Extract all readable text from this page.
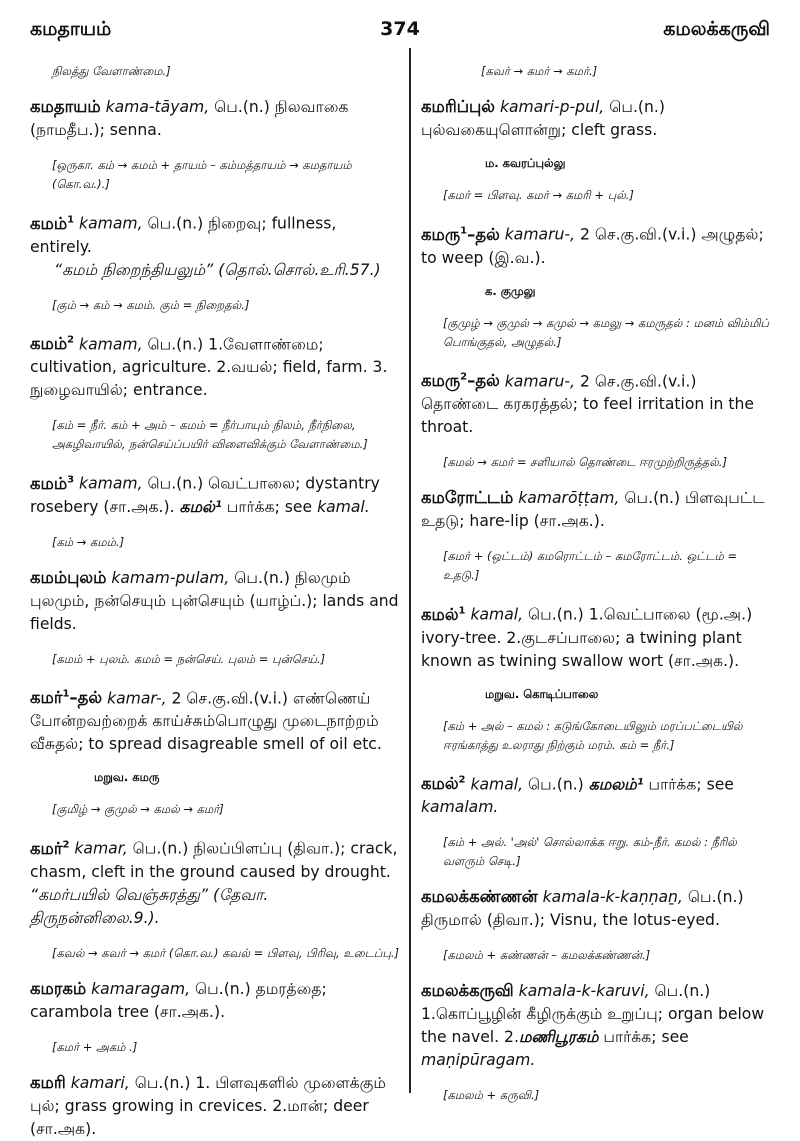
374
கமதாயம்	கமலக்கருவி
நிலத்து வேளாண்மை.]
கமதாயம் kama-tāyam, பெ.(n.) நிலவாகை (நாமதீப.); senna.
[ஒருகா. கம் → கமம் + தாயம் – கம்மத்தாயம் → கமதாயம் (கொ.வ.).]
கமம்$^1$ kamam, பெ.(n.) நிறைவு; fullness, entirely.
“கமம் நிறைந்தியலும்” (தொல்.சொல்.உரி.57.)
[கும் → கம் → கமம். கும் = நிறைதல்.]
கமம்$^2$ kamam, பெ.(n.) 1.வேளாண்மை; cultivation, agriculture. 2.வயல்; field, farm. 3. நுழைவாயில்; entrance.
[கம் = நீர். கம் + அம் – கமம் = நீர்பாயும் நிலம், நீர்நிலை, அகழிவாயில், நன்செய்ப்பயிர் விளைவிக்கும் வேளாண்மை.]
கமம்$^3$ kamam, பெ.(n.) வெட்பாலை; dystantry rosebery (சா.அக.). கமல்¹ பார்க்க; see kamal.
[கம் → கமம்.]
கமம்புலம் kamam-pulam, பெ.(n.) நிலமும் புலமும், நன்செயும் புன்செயும் (யாழ்ப்.); lands and fields.
[கமம் + புலம். கமம் = நன்செய். புலம் = புன்செய்.]
கமர்$^1$–தல் kamar-, 2 செ.கு.வி.(v.i.) எண்ணெய் போன்றவற்றைக் காய்ச்சும்பொழுது முடைநாற்றம் வீசுதல்; to spread disagreable smell of oil etc.
மறுவ. கமரு
[குமிழ் → குமுல் → கமல் → கமர்]
கமர்$^2$ kamar, பெ.(n.) நிலப்பிளப்பு (திவா.); crack, chasm, cleft in the ground caused by drought.
“கமர்பயில் வெஞ்சுரத்து” (தேவா. திருநன்னிலை.9.).
[கவல் → கவர் → கமர் (கொ.வ.) கவல் = பிளவு, பிரிவு, உடைப்பு.]
கமரகம் kamaragam, பெ.(n.) தமரத்தை; carambola tree (சா.அக.).
[கமர் + அகம் .]
கமரி kamari, பெ.(n.) 1. பிளவுகளில் முளைக்கும் புல்; grass growing in crevices. 2.மான்; deer (சா.அக).
[கவர் → கமர் → கமர்.]
கமரிப்புல் kamari-p-pul, பெ.(n.) புல்வகையுளொன்று; cleft grass.
ம. கவரப்புல்லு
[கமர் = பிளவு. கமர் → கமரி + புல்.]
கமரு$^1$–தல் kamaru-, 2 செ.கு.வி.(v.i.) அழுதல்; to weep (இ.வ.).
க. குமுலு
[குமுழ் → குமுல் → கமுல் → கமலு → கமருதல் : மனம் விம்மிப் பொங்குதல், அழுதல்.]
கமரு$^2$–தல் kamaru-, 2 செ.கு.வி.(v.i.) தொண்டை கரகரத்தல்; to feel irritation in the throat.
[கமல் → கமர் = சளியால் தொண்டை ஈரமுற்றிருத்தல்.]
கமரோட்டம் kamarōṭṭam, பெ.(n.) பிளவுபட்ட உதடு; hare-lip (சா.அக.).
[கமர் + (ஒட்டம்) கமரொட்டம் – கமரோட்டம். ஒட்டம் = உதடு.]
கமல்$^1$ kamal, பெ.(n.) 1.வெட்பாலை (மூ.அ.) ivory-tree. 2.குடசப்பாலை; a twining plant known as twining swallow wort (சா.அக.).
மறுவ. கொடிப்பாலை
[கம் + அல் – கமல் : கடுங்கோடையிலும் மரப்பட்டையில் ஈரங்காத்து உலராது நிற்கும் மரம். கம் = நீர்.]
கமல்$^2$ kamal, பெ.(n.) கமலம்¹ பார்க்க; see kamalam.
[கம் + அல். 'அல்' சொல்லாக்க ஈறு. கம்-நீர். கமல் : நீரில் வளரும் செடி.]
கமலக்கண்ணன் kamala-k-kaṇṇaṉ, பெ.(n.) திருமால் (திவா.); Visnu, the lotus-eyed.
[கமலம் + கண்ணன் – கமலக்கண்ணன்.]
கமலக்கருவி kamala-k-karuvi, பெ.(n.) 1.கொப்பூழின் கீழிருக்கும் உறுப்பு; organ below the navel. 2.மணிபூரகம் பார்க்க; see maṇipūragam.
[கமலம் + கருவி.]
